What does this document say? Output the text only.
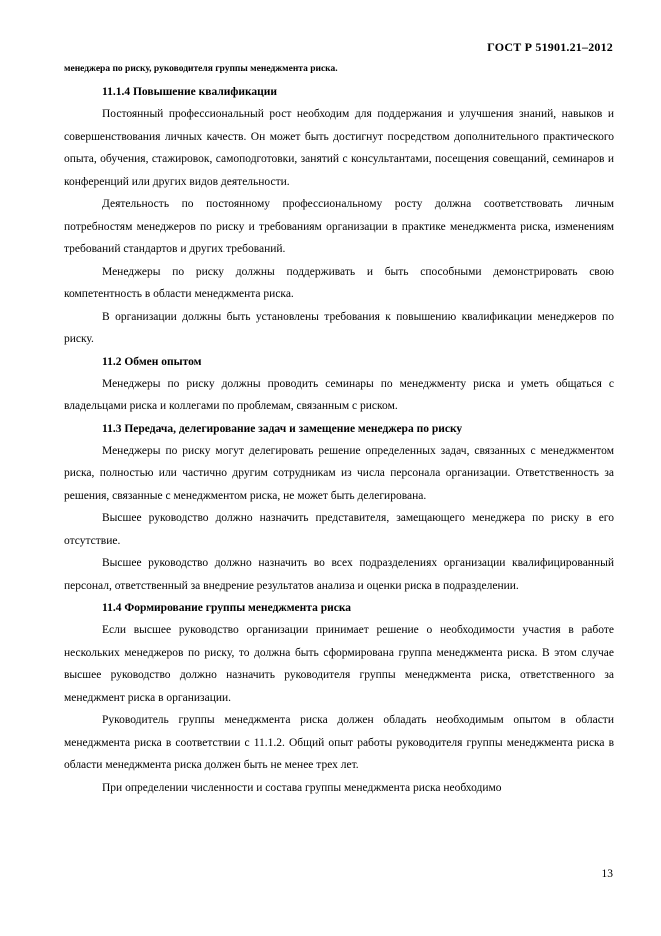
ГОСТ Р 51901.21–2012

менеджера по риску, руководителя группы менеджмента риска.

11.1.4 Повышение квалификации

Постоянный профессиональный рост необходим для поддержания и улучшения знаний, навыков и совершенствования личных качеств. Он может быть достигнут посредством дополнительного практического опыта, обучения, стажировок, самоподготовки, занятий с консультантами, посещения совещаний, семинаров и конференций или других видов деятельности.

Деятельность по постоянному профессиональному росту должна соответствовать личным потребностям менеджеров по риску и требованиям организации в практике менеджмента риска, изменениям требований стандартов и других требований.

Менеджеры по риску должны поддерживать и быть способными демонстрировать свою компетентность в области менеджмента риска.

В организации должны быть установлены требования к повышению квалификации менеджеров по риску.

11.2 Обмен опытом

Менеджеры по риску должны проводить семинары по менеджменту риска и уметь общаться с владельцами риска и коллегами по проблемам, связанным с риском.

11.3 Передача, делегирование задач и замещение менеджера по риску

Менеджеры по риску могут делегировать решение определенных задач, связанных с менеджментом риска, полностью или частично другим сотрудникам из числа персонала организации. Ответственность за решения, связанные с менеджментом риска, не может быть делегирована.

Высшее руководство должно назначить представителя, замещающего менеджера по риску в его отсутствие.

Высшее руководство должно назначить во всех подразделениях организации квалифицированный персонал, ответственный за внедрение результатов анализа и оценки риска в подразделении.

11.4 Формирование группы менеджмента риска

Если высшее руководство организации принимает решение о необходимости участия в работе нескольких менеджеров по риску, то должна быть сформирована группа менеджмента риска. В этом случае высшее руководство должно назначить руководителя группы менеджмента риска, ответственного за менеджмент риска в организации.

Руководитель группы менеджмента риска должен обладать необходимым опытом в области менеджмента риска в соответствии с 11.1.2. Общий опыт работы руководителя группы менеджмента риска в области менеджмента риска должен быть не менее трех лет.

При определении численности и состава группы менеджмента риска необходимо

13
